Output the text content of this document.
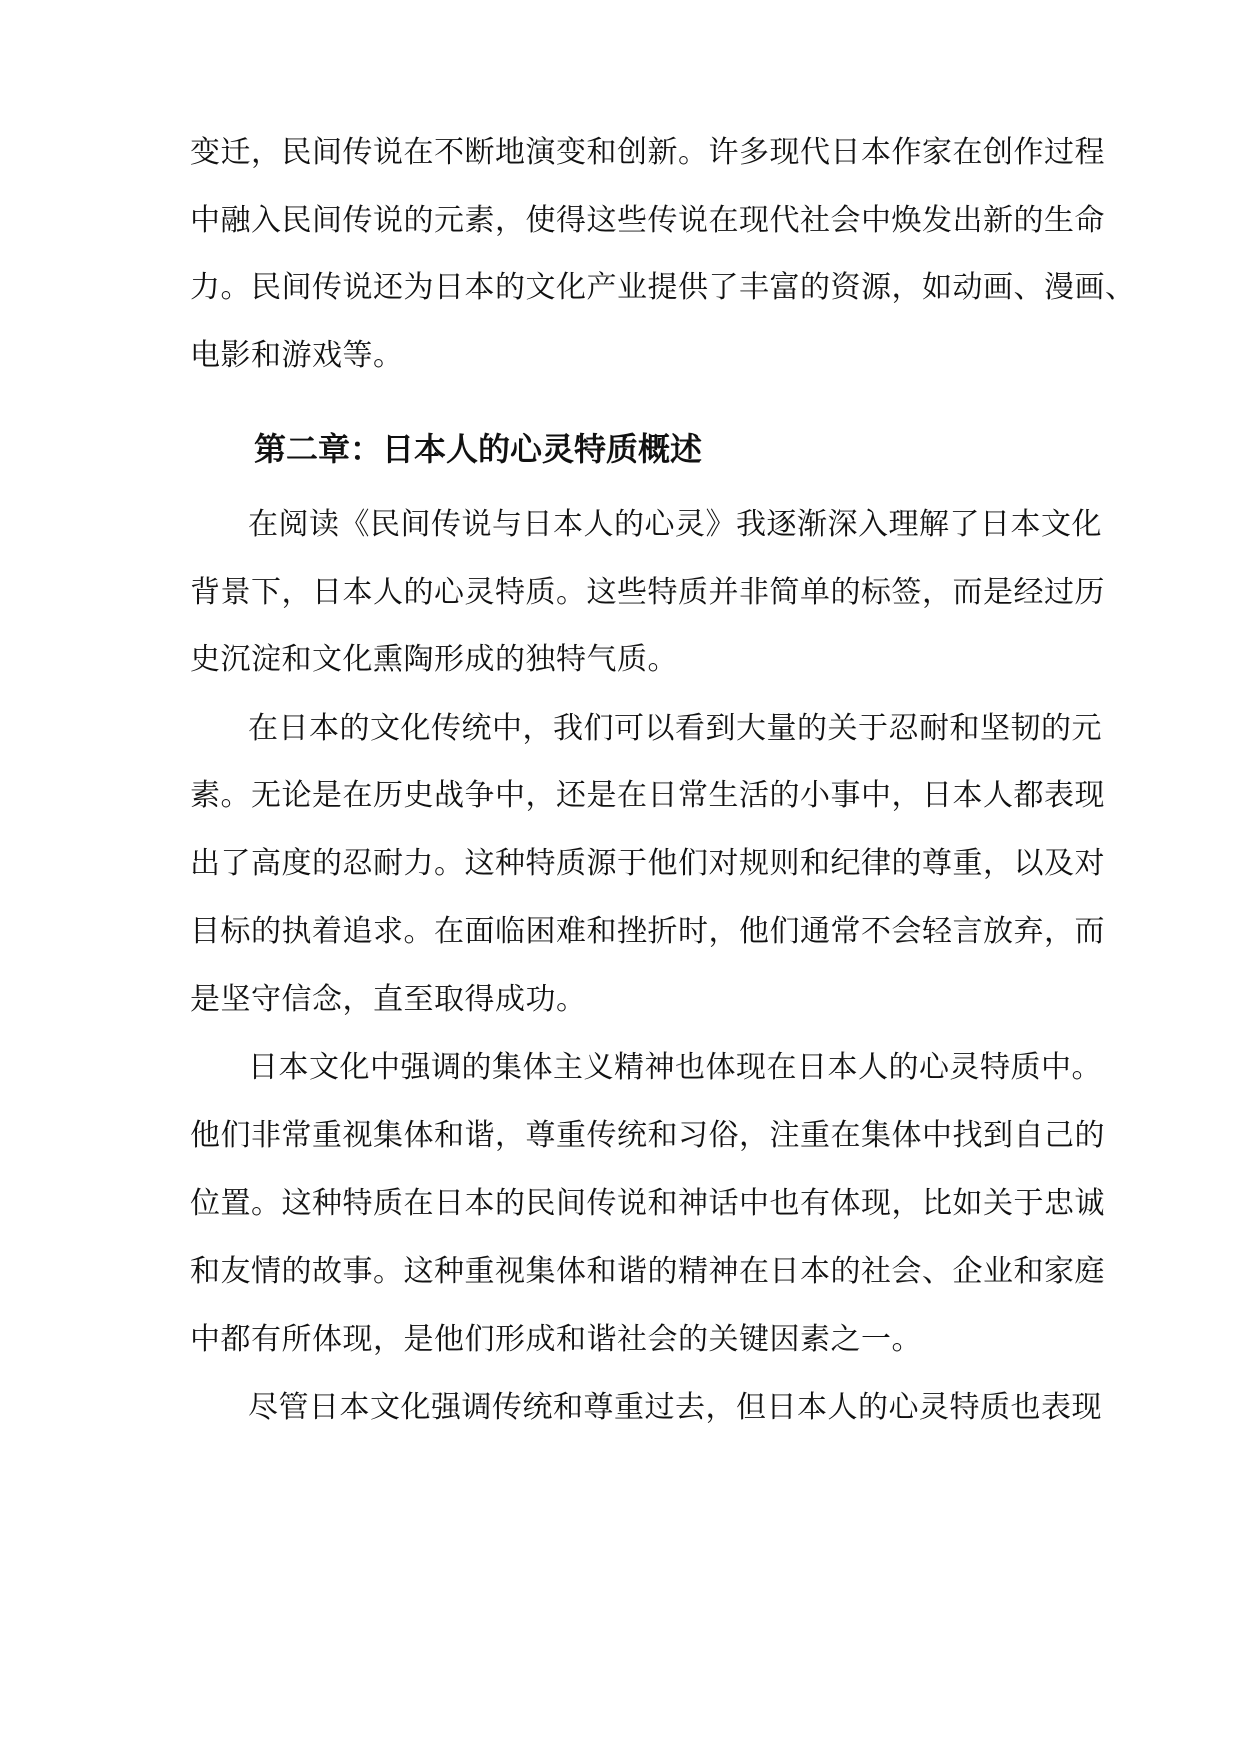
变迁，民间传说在不断地演变和创新。许多现代日本作家在创作过程
中融入民间传说的元素，使得这些传说在现代社会中焕发出新的生命
力。民间传说还为日本的文化产业提供了丰富的资源，如动画、漫画、
电影和游戏等。
第二章：日本人的心灵特质概述
在阅读《民间传说与日本人的心灵》我逐渐深入理解了日本文化
背景下，日本人的心灵特质。这些特质并非简单的标签，而是经过历
史沉淀和文化熏陶形成的独特气质。
在日本的文化传统中，我们可以看到大量的关于忍耐和坚韧的元
素。无论是在历史战争中，还是在日常生活的小事中，日本人都表现
出了高度的忍耐力。这种特质源于他们对规则和纪律的尊重，以及对
目标的执着追求。在面临困难和挫折时，他们通常不会轻言放弃，而
是坚守信念，直至取得成功。
日本文化中强调的集体主义精神也体现在日本人的心灵特质中。
他们非常重视集体和谐，尊重传统和习俗，注重在集体中找到自己的
位置。这种特质在日本的民间传说和神话中也有体现，比如关于忠诚
和友情的故事。这种重视集体和谐的精神在日本的社会、企业和家庭
中都有所体现，是他们形成和谐社会的关键因素之一。
尽管日本文化强调传统和尊重过去，但日本人的心灵特质也表现
